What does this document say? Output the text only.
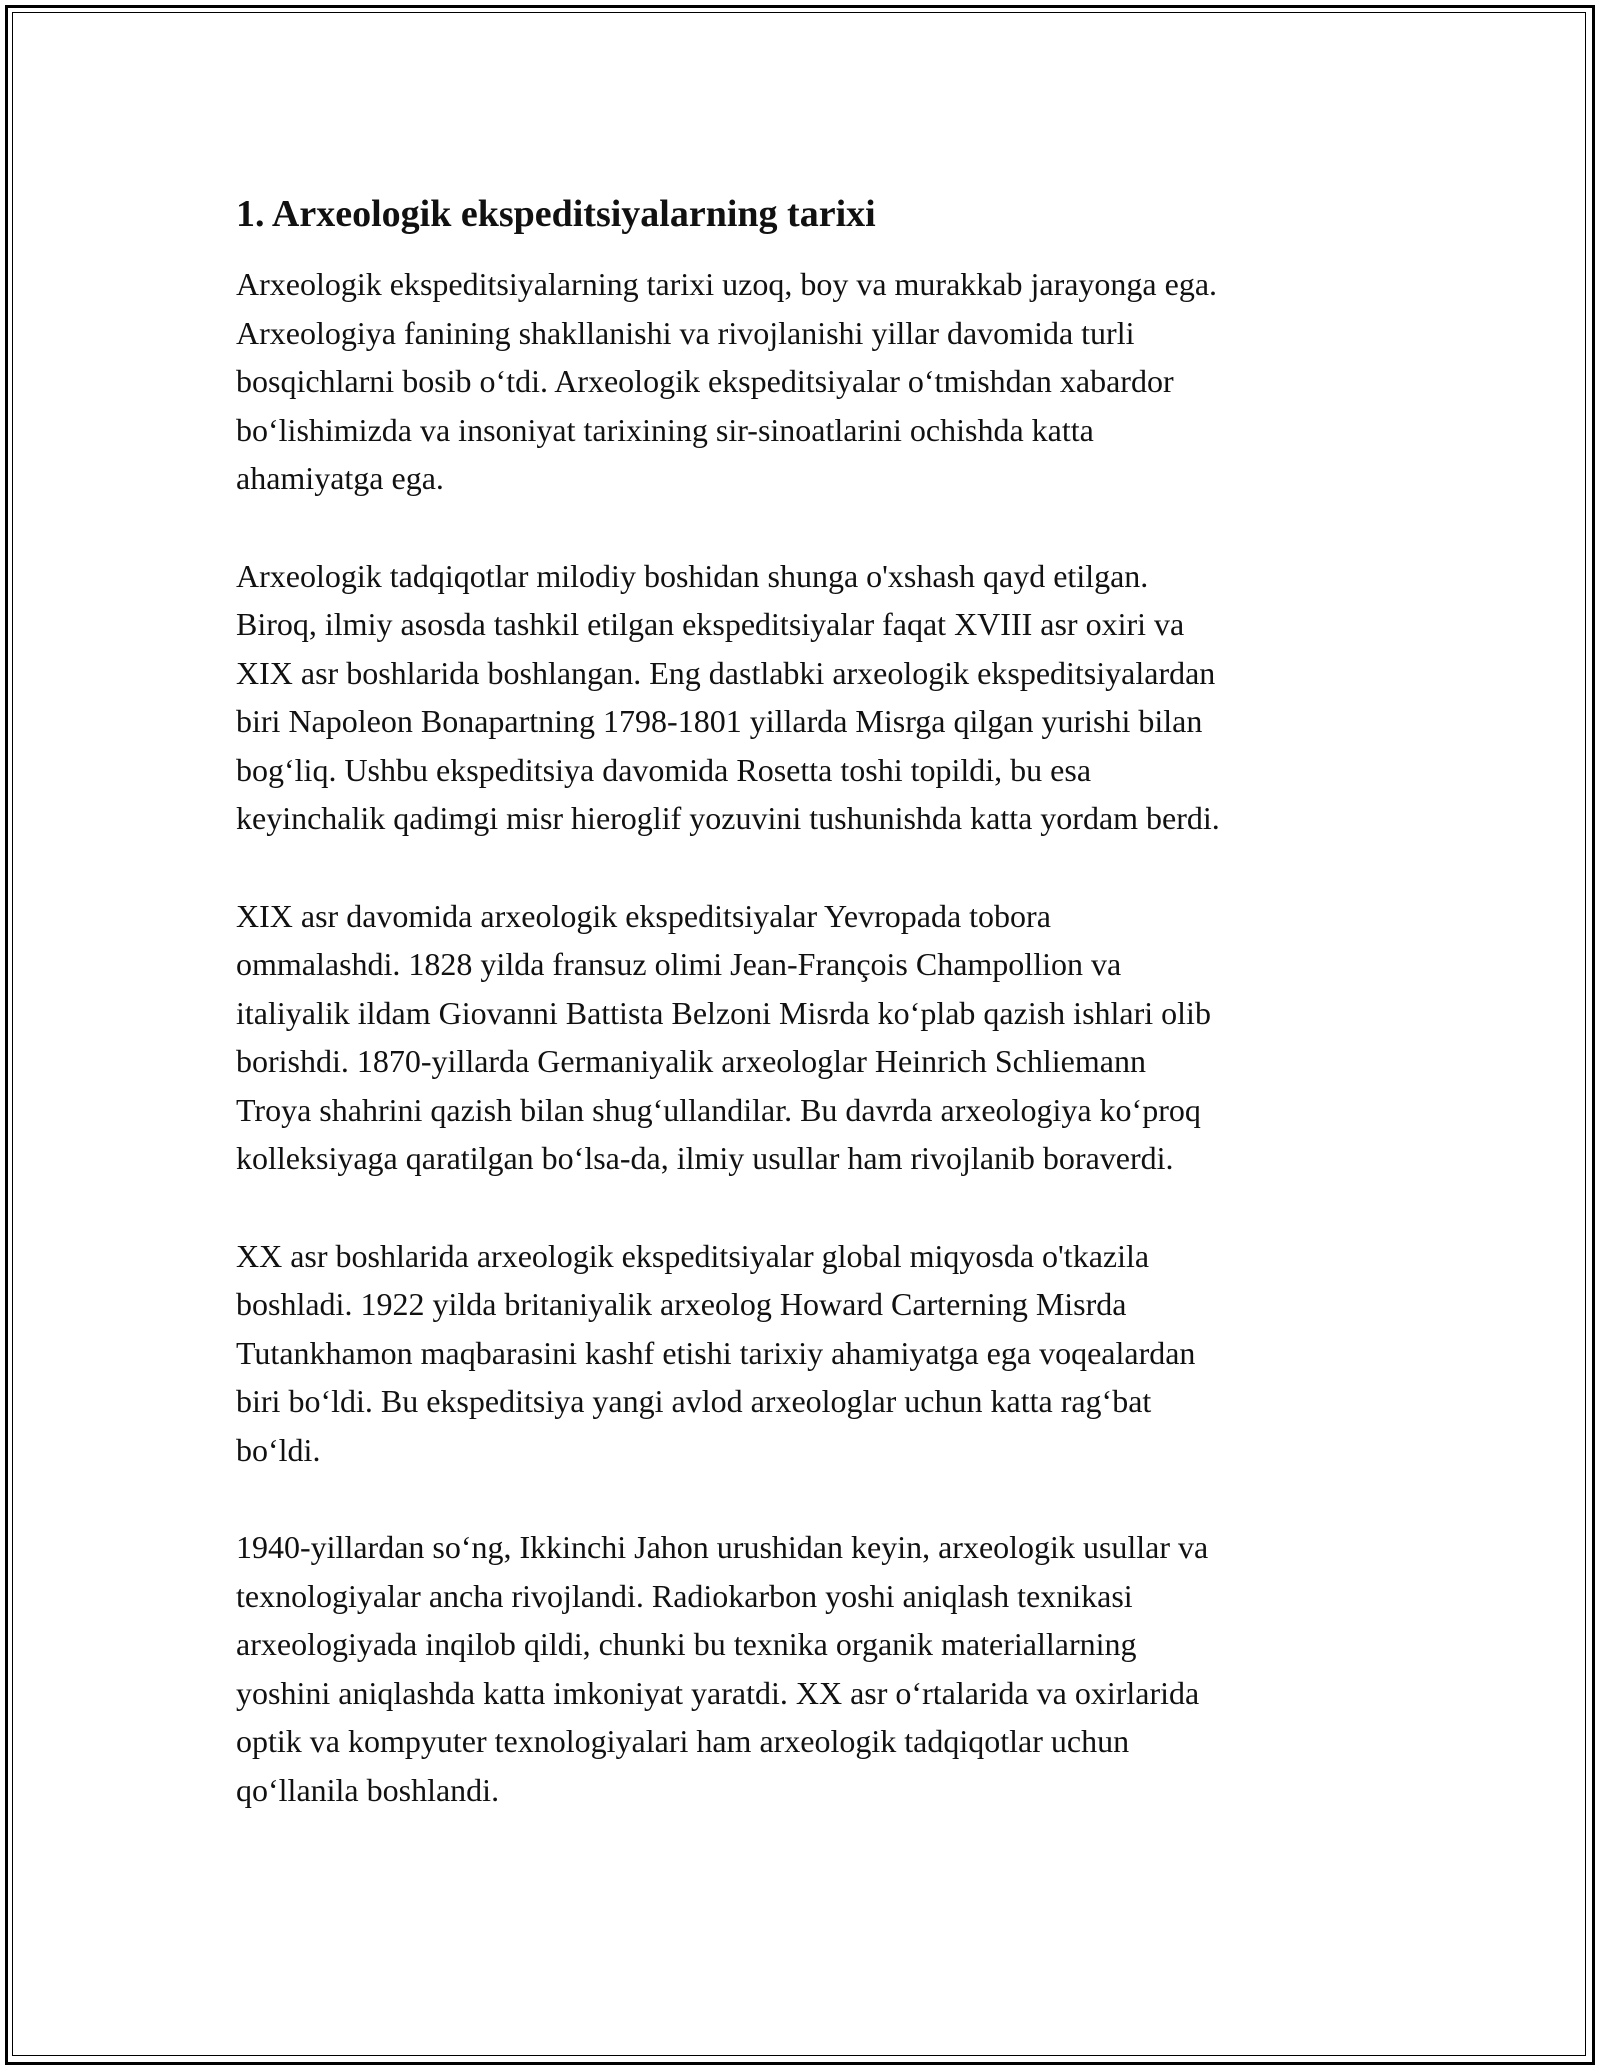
1. Arxeologik ekspeditsiyalarning tarixi

Arxeologik ekspeditsiyalarning tarixi uzoq, boy va murakkab jarayonga ega.
Arxeologiya fanining shakllanishi va rivojlanishi yillar davomida turli
bosqichlarni bosib o‘tdi. Arxeologik ekspeditsiyalar o‘tmishdan xabardor
bo‘lishimizda va insoniyat tarixining sir-sinoatlarini ochishda katta
ahamiyatga ega.

Arxeologik tadqiqotlar milodiy boshidan shunga o'xshash qayd etilgan.
Biroq, ilmiy asosda tashkil etilgan ekspeditsiyalar faqat XVIII asr oxiri va
XIX asr boshlarida boshlangan. Eng dastlabki arxeologik ekspeditsiyalardan
biri Napoleon Bonapartning 1798-1801 yillarda Misrga qilgan yurishi bilan
bog‘liq. Ushbu ekspeditsiya davomida Rosetta toshi topildi, bu esa
keyinchalik qadimgi misr hieroglif yozuvini tushunishda katta yordam berdi.

XIX asr davomida arxeologik ekspeditsiyalar Yevropada tobora
ommalashdi. 1828 yilda fransuz olimi Jean-François Champollion va
italiyalik ildam Giovanni Battista Belzoni Misrda ko‘plab qazish ishlari olib
borishdi. 1870-yillarda Germaniyalik arxeologlar Heinrich Schliemann
Troya shahrini qazish bilan shug‘ullandilar. Bu davrda arxeologiya ko‘proq
kolleksiyaga qaratilgan bo‘lsa-da, ilmiy usullar ham rivojlanib boraverdi.

XX asr boshlarida arxeologik ekspeditsiyalar global miqyosda o'tkazila
boshladi. 1922 yilda britaniyalik arxeolog Howard Carterning Misrda
Tutankhamon maqbarasini kashf etishi tarixiy ahamiyatga ega voqealardan
biri bo‘ldi. Bu ekspeditsiya yangi avlod arxeologlar uchun katta rag‘bat
bo‘ldi.

1940-yillardan so‘ng, Ikkinchi Jahon urushidan keyin, arxeologik usullar va
texnologiyalar ancha rivojlandi. Radiokarbon yoshi aniqlash texnikasi
arxeologiyada inqilob qildi, chunki bu texnika organik materiallarning
yoshini aniqlashda katta imkoniyat yaratdi. XX asr o‘rtalarida va oxirlarida
optik va kompyuter texnologiyalari ham arxeologik tadqiqotlar uchun
qo‘llanila boshlandi.
